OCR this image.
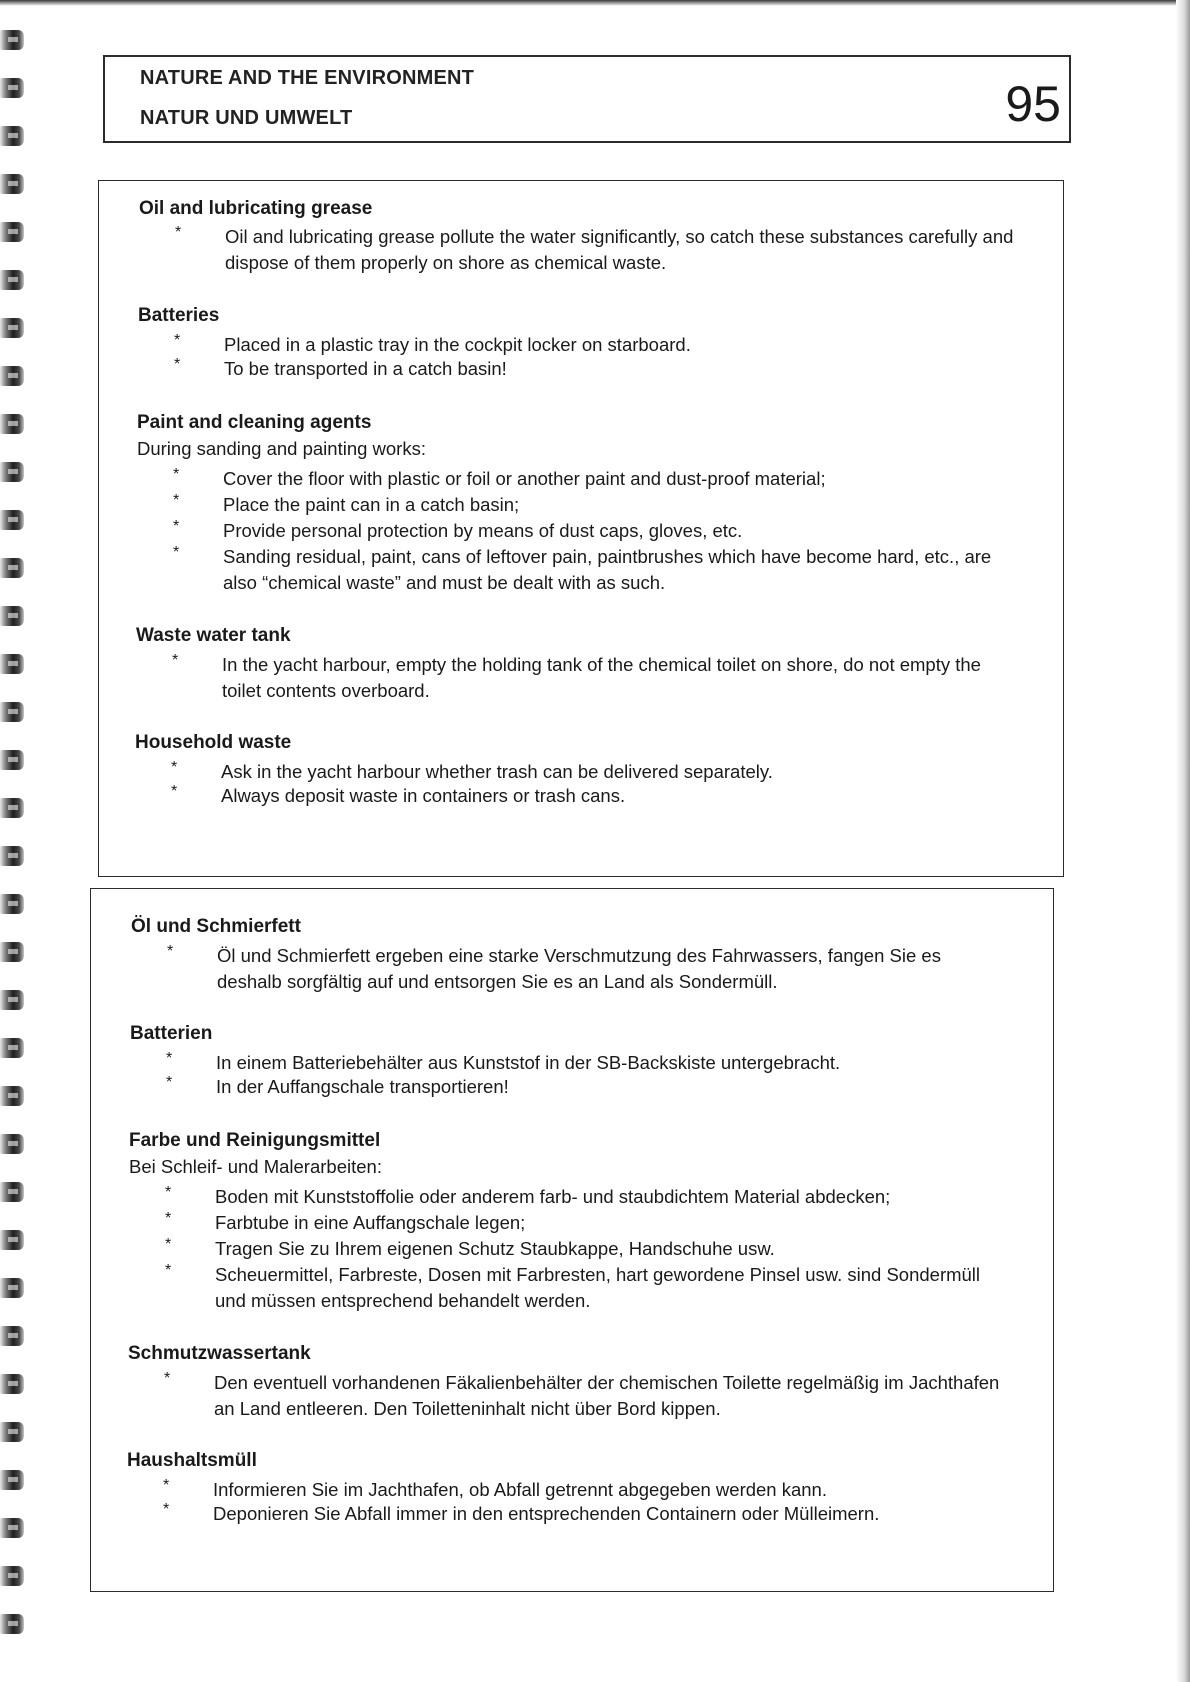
NATURE AND THE ENVIRONMENT
NATUR UND UMWELT	95
Oil and lubricating grease
* Oil and lubricating grease pollute the water significantly, so catch these substances carefully and dispose of them properly on shore as chemical waste.
Batteries
* Placed in a plastic tray in the cockpit locker on starboard.
* To be transported in a catch basin!
Paint and cleaning agents
During sanding and painting works:
* Cover the floor with plastic or foil or another paint and dust-proof material;
* Place the paint can in a catch basin;
* Provide personal protection by means of dust caps, gloves, etc.
* Sanding residual, paint, cans of leftover pain, paintbrushes which have become hard, etc., are also “chemical waste” and must be dealt with as such.
Waste water tank
* In the yacht harbour, empty the holding tank of the chemical toilet on shore, do not empty the toilet contents overboard.
Household waste
* Ask in the yacht harbour whether trash can be delivered separately.
* Always deposit waste in containers or trash cans.
Öl und Schmierfett
* Öl und Schmierfett ergeben eine starke Verschmutzung des Fahrwassers, fangen Sie es deshalb sorgfältig auf und entsorgen Sie es an Land als Sondermüll.
Batterien
* In einem Batteriebehälter aus Kunststof in der SB-Backskiste untergebracht.
* In der Auffangschale transportieren!
Farbe und Reinigungsmittel
Bei Schleif- und Malerarbeiten:
* Boden mit Kunststoffolie oder anderem farb- und staubdichtem Material abdecken;
* Farbtube in eine Auffangschale legen;
* Tragen Sie zu Ihrem eigenen Schutz Staubkappe, Handschuhe usw.
* Scheuermittel, Farbreste, Dosen mit Farbresten, hart gewordene Pinsel usw. sind Sondermüll und müssen entsprechend behandelt werden.
Schmutzwassertank
* Den eventuell vorhandenen Fäkalienbehälter der chemischen Toilette regelmäßig im Jachthafen an Land entleeren. Den Toiletteninhalt nicht über Bord kippen.
Haushaltsmüll
* Informieren Sie im Jachthafen, ob Abfall getrennt abgegeben werden kann.
* Deponieren Sie Abfall immer in den entsprechenden Containern oder Mülleimern.
